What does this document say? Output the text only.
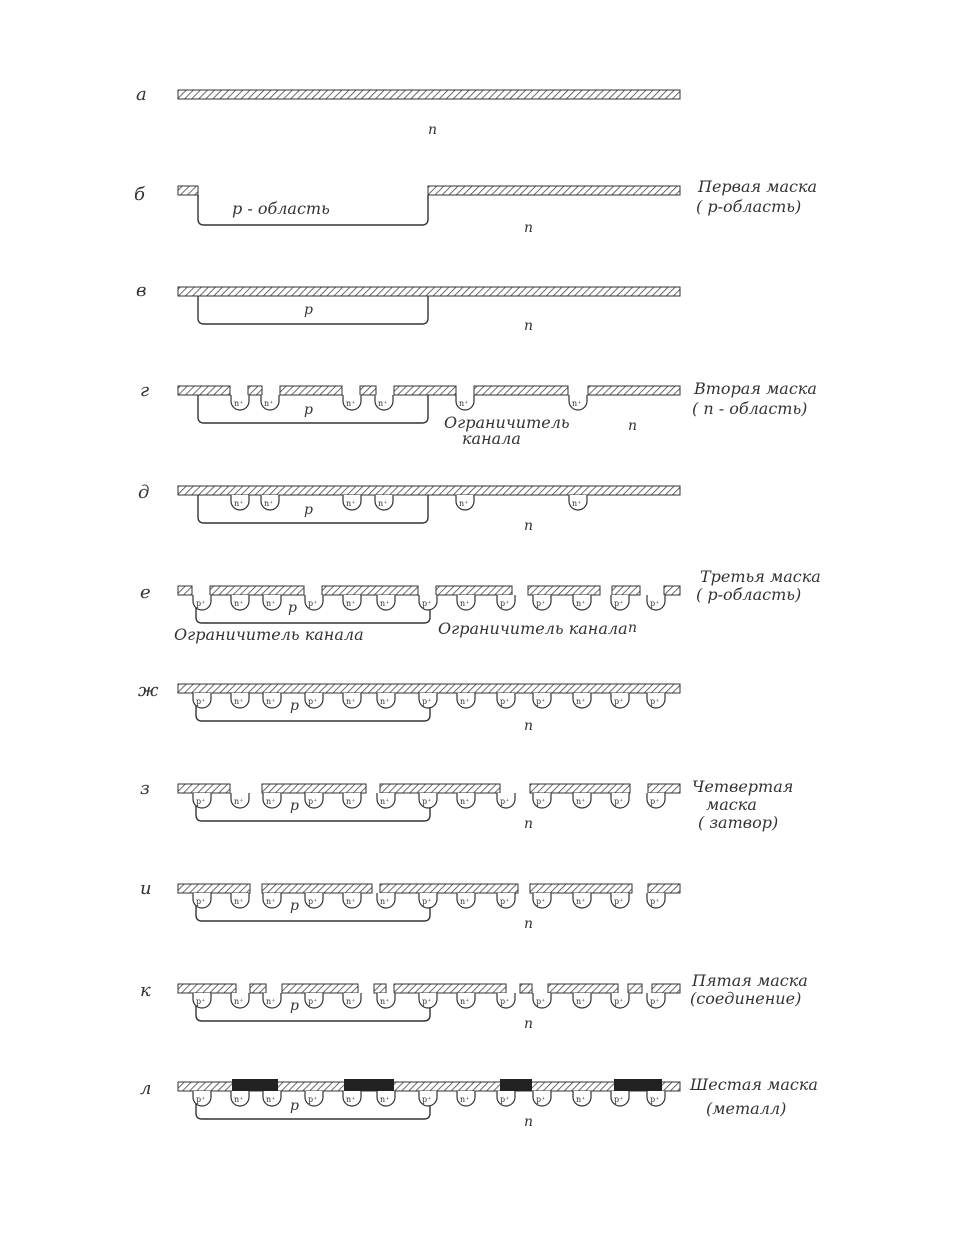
n⁺	n⁺	n⁺	n⁺	n⁺	n⁺
n⁺	n⁺	n⁺	n⁺	n⁺	n⁺
p⁺	n⁺	n⁺	p⁺	n⁺	n⁺	p⁺	n⁺	p⁺	p⁺	n⁺	p⁺	p⁺
p⁺	n⁺	n⁺	p⁺	n⁺	n⁺	p⁺	n⁺	p⁺	p⁺	n⁺	p⁺	p⁺
p⁺	n⁺	n⁺	p⁺	n⁺	n⁺	p⁺	n⁺	p⁺	p⁺	n⁺	p⁺	p⁺
p⁺	n⁺	n⁺	p⁺	n⁺	n⁺	p⁺	n⁺	p⁺	p⁺	n⁺	p⁺	p⁺
p⁺	n⁺	n⁺	p⁺	n⁺	n⁺	p⁺	n⁺	p⁺	p⁺	n⁺	p⁺	p⁺
p⁺	n⁺	n⁺	p⁺	n⁺	n⁺	p⁺	n⁺	p⁺	p⁺	n⁺	p⁺	p⁺
а
б
в
г
д
е
ж
з
и
к
л
n
n
n
n
n
n
n
n
n
n
n
р - область
р
р
р
р
р
р
р
р
р
Ограничитель
канала
Ограничитель канала	Ограничитель канала
Первая маска
( р-область)
Вторая маска
( п - область)
Третья маска
( р-область)
Четвертая
маска
( затвор)
Пятая маска
(соединение)
Шестая маска
(металл)
